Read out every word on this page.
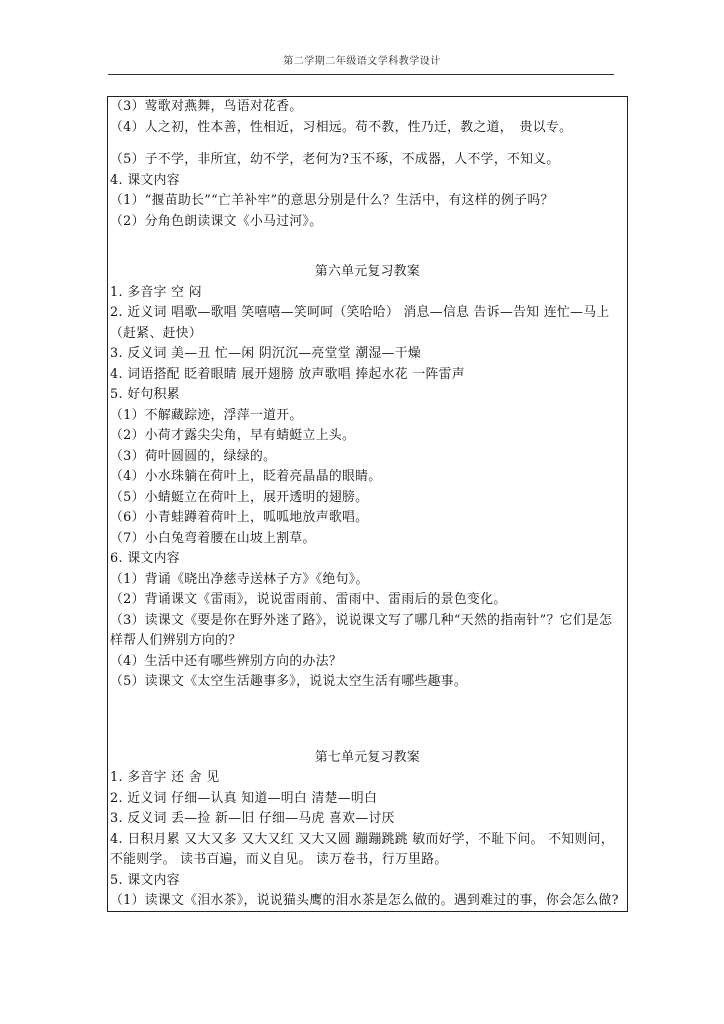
第二学期二年级语文学科教学设计
（3）莺歌对燕舞，鸟语对花香。
（4）人之初，性本善，性相近，习相远。苟不教，性乃迁，教之道，　贵以专。
（5）子不学，非所宜，幼不学，老何为?玉不琢，不成器，人不学，不知义。
4. 课文内容
（1）“揠苗助长”“亡羊补牢”的意思分别是什么？生活中，有这样的例子吗？
（2）分角色朗读课文《小马过河》。
第六单元复习教案
1. 多音字 空 闷
2. 近义词 唱歌—歌唱 笑嘻嘻—笑呵呵（笑哈哈） 消息—信息 告诉—告知 连忙—马上（赶紧、赶快）
3. 反义词 美—丑 忙—闲 阴沉沉—亮堂堂 潮湿—干燥
4. 词语搭配 眨着眼睛 展开翅膀 放声歌唱 捧起水花 一阵雷声
5. 好句积累
（1）不解藏踪迹，浮萍一道开。
（2）小荷才露尖尖角，早有蜻蜓立上头。
（3）荷叶圆圆的，绿绿的。
（4）小水珠躺在荷叶上，眨着亮晶晶的眼睛。
（5）小蜻蜓立在荷叶上，展开透明的翅膀。
（6）小青蛙蹲着荷叶上，呱呱地放声歌唱。
（7）小白兔弯着腰在山坡上割草。
6. 课文内容
（1）背诵《晓出净慈寺送林子方》《绝句》。
（2）背诵课文《雷雨》，说说雷雨前、雷雨中、雷雨后的景色变化。
（3）读课文《要是你在野外迷了路》，说说课文写了哪几种“天然的指南针”？它们是怎样帮人们辨别方向的？
（4）生活中还有哪些辨别方向的办法？
（5）读课文《太空生活趣事多》，说说太空生活有哪些趣事。
第七单元复习教案
1. 多音字 还 舍 见
2. 近义词 仔细—认真 知道—明白 清楚—明白
3. 反义词 丢—捡 新—旧 仔细—马虎 喜欢—讨厌
4. 日积月累 又大又多 又大又红 又大又圆 蹦蹦跳跳 敏而好学，不耻下问。 不知则问，不能则学。 读书百遍，而义自见。 读万卷书，行万里路。
5. 课文内容
（1）读课文《泪水茶》，说说猫头鹰的泪水茶是怎么做的。遇到难过的事，你会怎么做?
